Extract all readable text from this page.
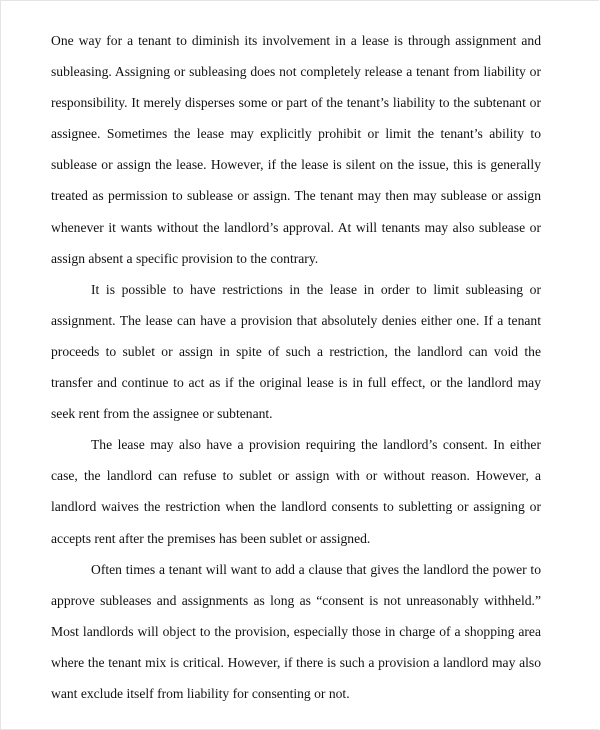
One way for a tenant to diminish its involvement in a lease is through assignment and
subleasing. Assigning or subleasing does not completely release a tenant from liability or
responsibility. It merely disperses some or part of the tenant’s liability to the subtenant or
assignee. Sometimes the lease may explicitly prohibit or limit the tenant’s ability to
sublease or assign the lease. However, if the lease is silent on the issue, this is generally
treated as permission to sublease or assign. The tenant may then may sublease or assign
whenever it wants without the landlord’s approval. At will tenants may also sublease or
assign absent a specific provision to the contrary.
It is possible to have restrictions in the lease in order to limit subleasing or
assignment. The lease can have a provision that absolutely denies either one. If a tenant
proceeds to sublet or assign in spite of such a restriction, the landlord can void the
transfer and continue to act as if the original lease is in full effect, or the landlord may
seek rent from the assignee or subtenant.
The lease may also have a provision requiring the landlord’s consent. In either
case, the landlord can refuse to sublet or assign with or without reason. However, a
landlord waives the restriction when the landlord consents to subletting or assigning or
accepts rent after the premises has been sublet or assigned.
Often times a tenant will want to add a clause that gives the landlord the power to
approve subleases and assignments as long as “consent is not unreasonably withheld.”
Most landlords will object to the provision, especially those in charge of a shopping area
where the tenant mix is critical. However, if there is such a provision a landlord may also
want exclude itself from liability for consenting or not.
